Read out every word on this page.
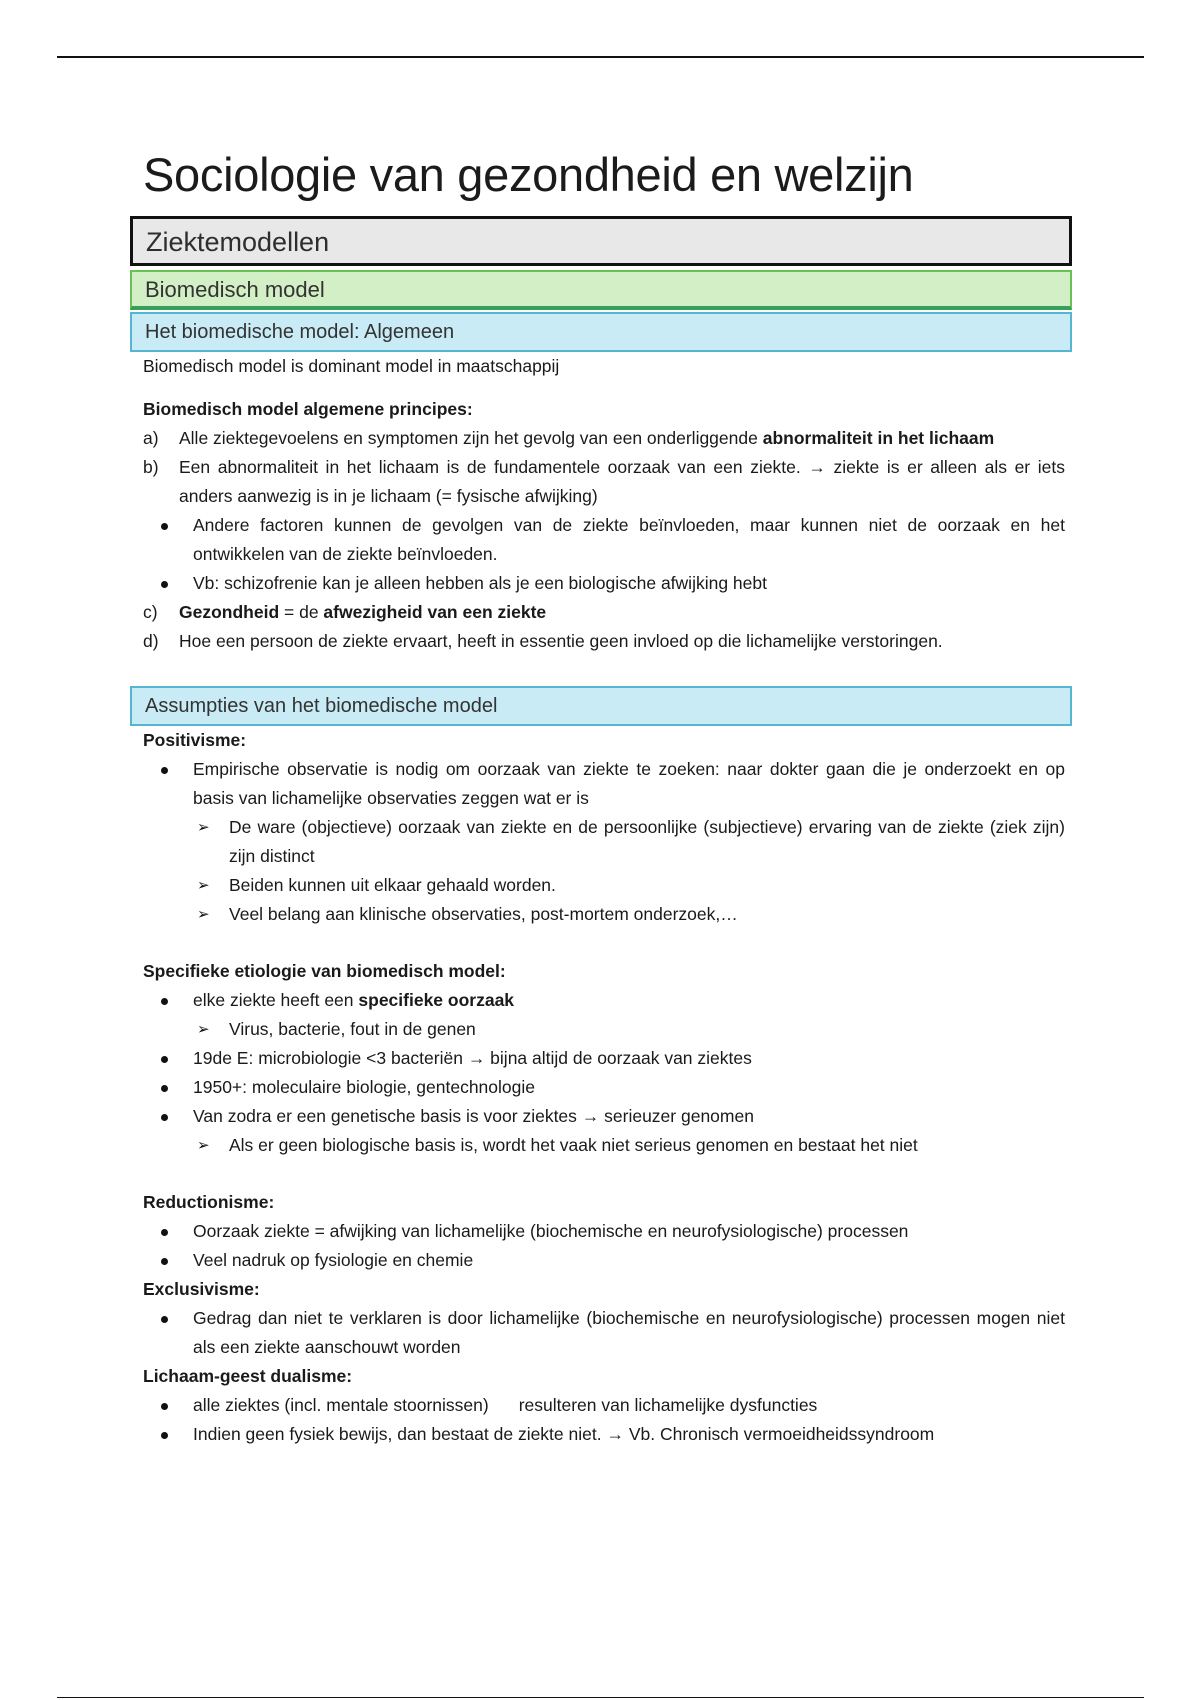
Sociologie van gezondheid en welzijn
Ziektemodellen
Biomedisch model
Het biomedische model: Algemeen

Biomedisch model is dominant model in maatschappij

Biomedisch model algemene principes:

a) Alle ziektegevoelens en symptomen zijn het gevolg van een onderliggende abnormaliteit in het lichaam
b) Een abnormaliteit in het lichaam is de fundamentele oorzaak van een ziekte. → ziekte is er alleen als er iets anders aanwezig is in je lichaam (= fysische afwijking)
Andere factoren kunnen de gevolgen van de ziekte beïnvloeden, maar kunnen niet de oorzaak en het ontwikkelen van de ziekte beïnvloeden.
Vb: schizofrenie kan je alleen hebben als je een biologische afwijking hebt
c) Gezondheid = de afwezigheid van een ziekte
d) Hoe een persoon de ziekte ervaart, heeft in essentie geen invloed op die lichamelijke verstoringen.
Assumpties van het biomedische model

Positivisme:

Empirische observatie is nodig om oorzaak van ziekte te zoeken: naar dokter gaan die je onderzoekt en op basis van lichamelijke observaties zeggen wat er is
➢ De ware (objectieve) oorzaak van ziekte en de persoonlijke (subjectieve) ervaring van de ziekte (ziek zijn) zijn distinct
➢ Beiden kunnen uit elkaar gehaald worden.
➢ Veel belang aan klinische observaties, post-mortem onderzoek,…

Specifieke etiologie van biomedisch model:

elke ziekte heeft een specifieke oorzaak
➢ Virus, bacterie, fout in de genen
19de E: microbiologie <3 bacteriën → bijna altijd de oorzaak van ziektes
1950+: moleculaire biologie, gentechnologie
Van zodra er een genetische basis is voor ziektes → serieuzer genomen
➢ Als er geen biologische basis is, wordt het vaak niet serieus genomen en bestaat het niet

Reductionisme:

Oorzaak ziekte = afwijking van lichamelijke (biochemische en neurofysiologische) processen
Veel nadruk op fysiologie en chemie

Exclusivisme:

Gedrag dan niet te verklaren is door lichamelijke (biochemische en neurofysiologische) processen mogen niet als een ziekte aanschouwt worden

Lichaam-geest dualisme:

alle ziektes (incl. mentale stoornissen) resulteren van lichamelijke dysfuncties
Indien geen fysiek bewijs, dan bestaat de ziekte niet. → Vb. Chronisch vermoeidheidssyndroom
